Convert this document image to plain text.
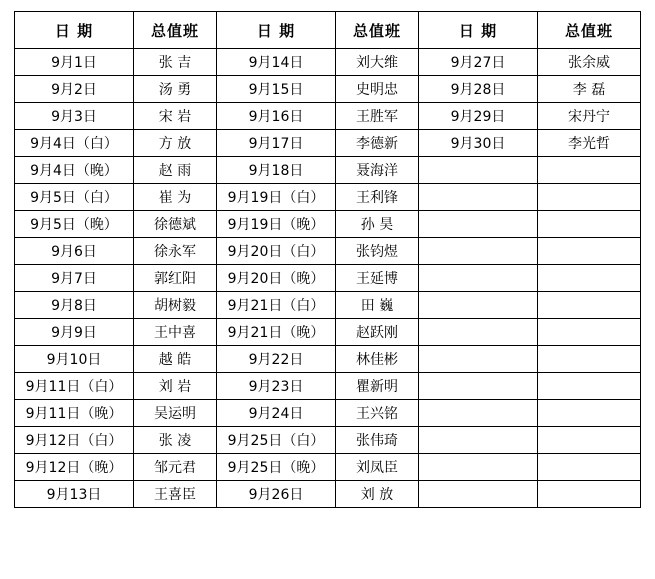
日 期	总值班	日 期	总值班	日 期	总值班
9月1日	张 吉	9月14日	刘大维	9月27日	张余威
9月2日	汤 勇	9月15日	史明忠	9月28日	李 磊
9月3日	宋 岩	9月16日	王胜军	9月29日	宋丹宁
9月4日（白）	方 放	9月17日	李德新	9月30日	李光哲
9月4日（晚）	赵 雨	9月18日	聂海洋		
9月5日（白）	崔 为	9月19日（白）	王利锋		
9月5日（晚）	徐德斌	9月19日（晚）	孙 昊		
9月6日	徐永军	9月20日（白）	张钧煜		
9月7日	郭红阳	9月20日（晚）	王延博		
9月8日	胡树毅	9月21日（白）	田 巍		
9月9日	王中喜	9月21日（晚）	赵跃刚		
9月10日	越 皓	9月22日	林佳彬		
9月11日（白）	刘 岩	9月23日	瞿新明		
9月11日（晚）	吴运明	9月24日	王兴铭		
9月12日（白）	张 凌	9月25日（白）	张伟琦		
9月12日（晚）	邹元君	9月25日（晚）	刘凤臣		
9月13日	王喜臣	9月26日	刘 放		
